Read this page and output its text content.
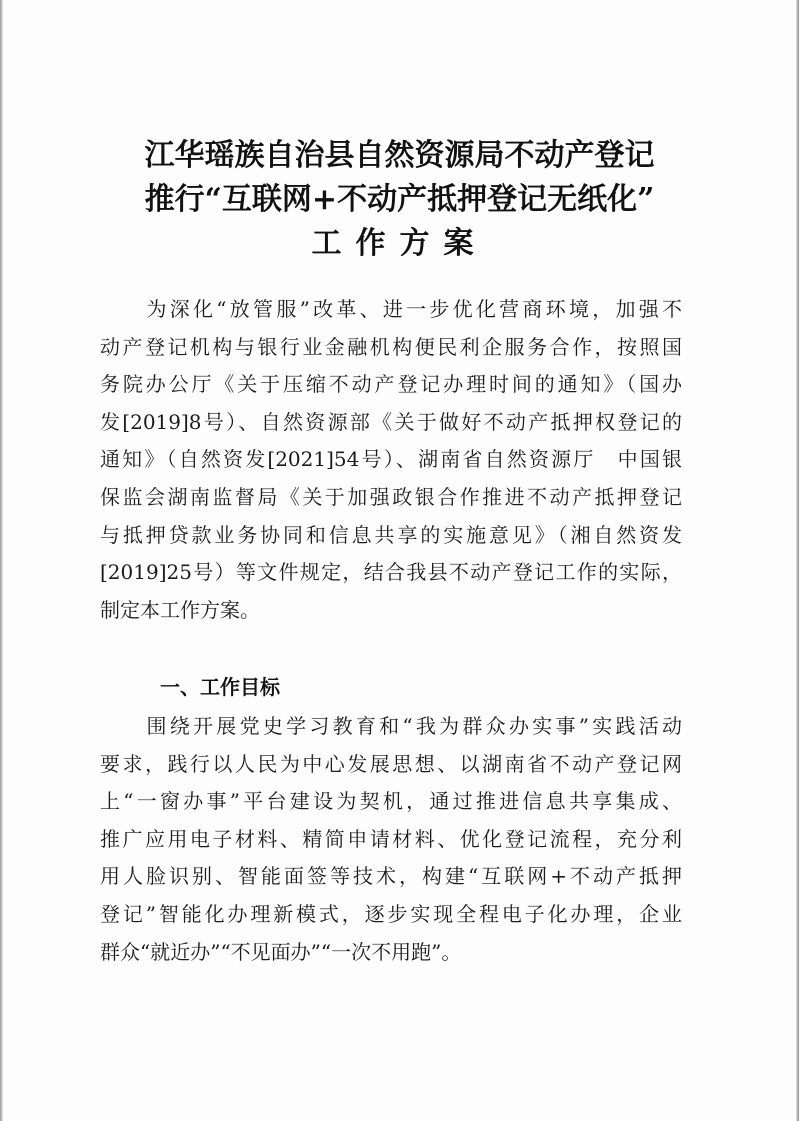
江华瑶族自治县自然资源局不动产登记
推行“互联网+不动产抵押登记无纸化”
工作方案
　　为深化“放管服”改革、进一步优化营商环境，加强不
动产登记机构与银行业金融机构便民利企服务合作，按照国
务院办公厅《关于压缩不动产登记办理时间的通知》（国办
发[2019]8号）、自然资源部《关于做好不动产抵押权登记的
通知》（自然资发[2021]54号）、湖南省自然资源厅　中国银
保监会湖南监督局《关于加强政银合作推进不动产抵押登记
与抵押贷款业务协同和信息共享的实施意见》（湘自然资发
[2019]25号）等文件规定，结合我县不动产登记工作的实际，
制定本工作方案。
一、工作目标
　　围绕开展党史学习教育和“我为群众办实事”实践活动
要求，践行以人民为中心发展思想、以湖南省不动产登记网
上“一窗办事”平台建设为契机，通过推进信息共享集成、
推广应用电子材料、精简申请材料、优化登记流程，充分利
用人脸识别、智能面签等技术，构建“互联网+不动产抵押
登记”智能化办理新模式，逐步实现全程电子化办理，企业
群众“就近办”“不见面办”“一次不用跑”。
